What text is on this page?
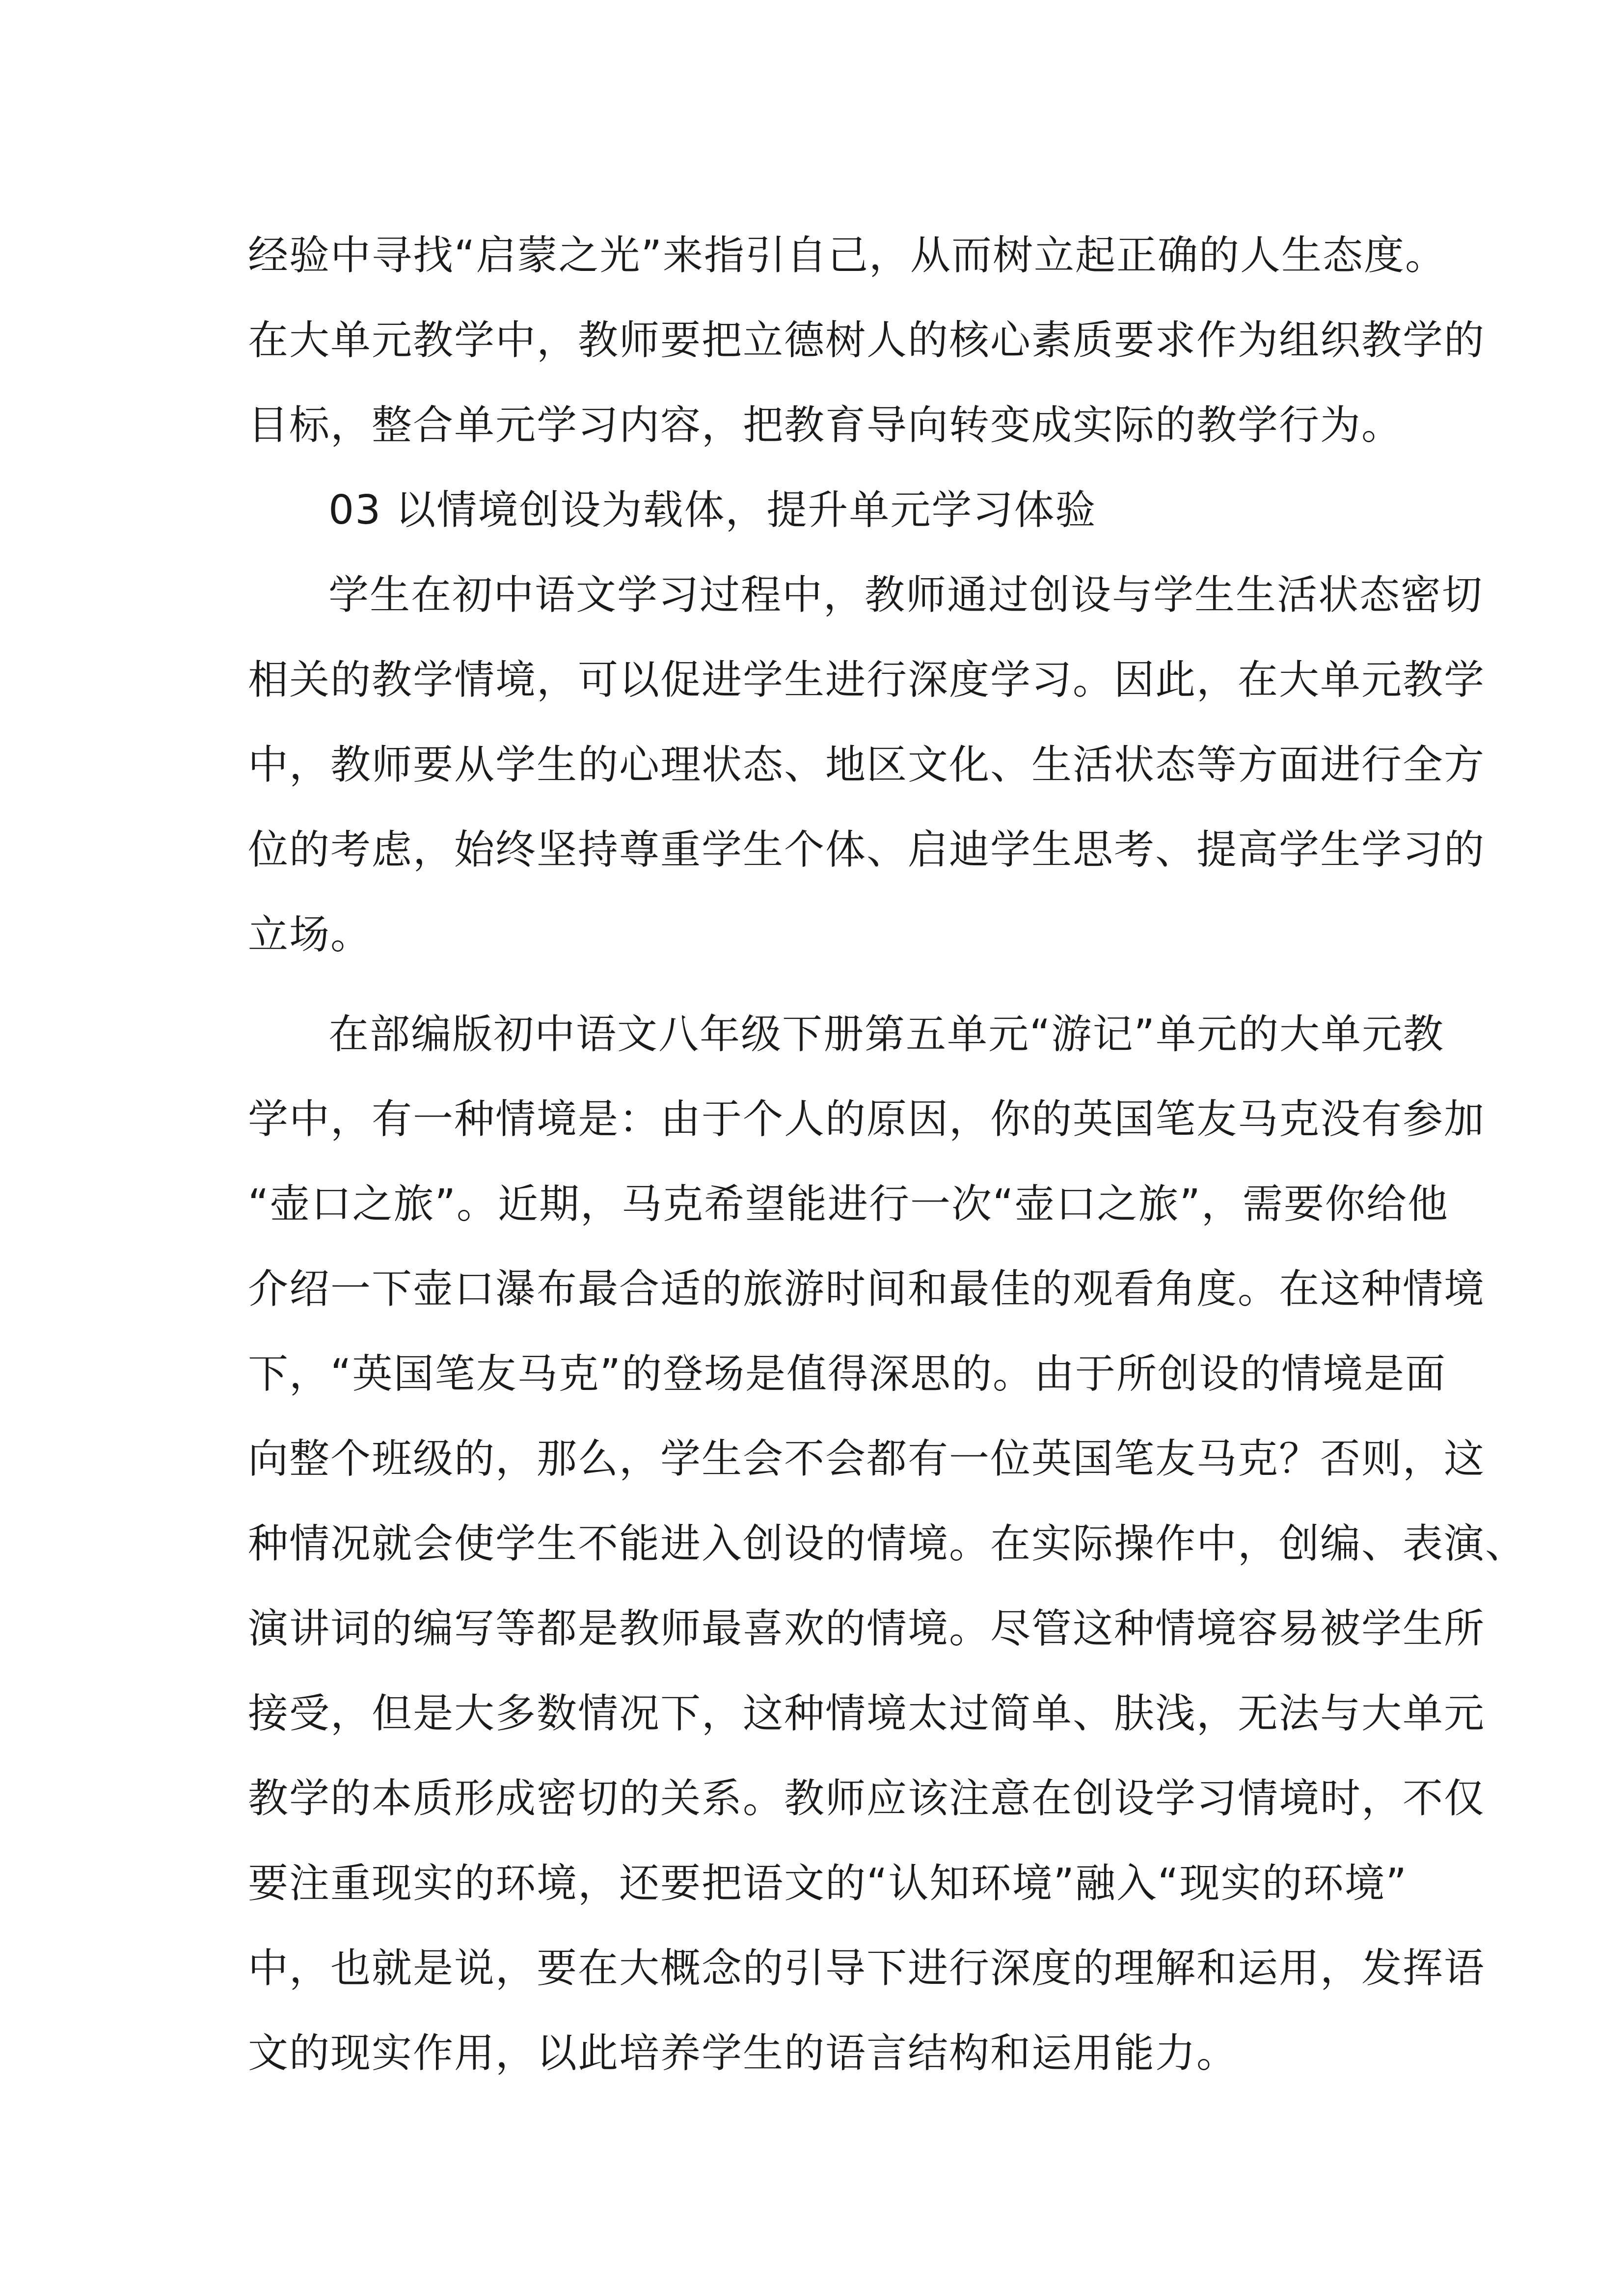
经验中寻找“启蒙之光”来指引自己，从而树立起正确的人生态度。
在大单元教学中，教师要把立德树人的核心素质要求作为组织教学的
目标，整合单元学习内容，把教育导向转变成实际的教学行为。
03 以情境创设为载体，提升单元学习体验
学生在初中语文学习过程中，教师通过创设与学生生活状态密切
相关的教学情境，可以促进学生进行深度学习。因此，在大单元教学
中，教师要从学生的心理状态、地区文化、生活状态等方面进行全方
位的考虑，始终坚持尊重学生个体、启迪学生思考、提高学生学习的
立场。
在部编版初中语文八年级下册第五单元“游记”单元的大单元教
学中，有一种情境是：由于个人的原因，你的英国笔友马克没有参加
“壶口之旅”。近期，马克希望能进行一次“壶口之旅”，需要你给他
介绍一下壶口瀑布最合适的旅游时间和最佳的观看角度。在这种情境
下，“英国笔友马克”的登场是值得深思的。由于所创设的情境是面
向整个班级的，那么，学生会不会都有一位英国笔友马克？否则，这
种情况就会使学生不能进入创设的情境。在实际操作中，创编、表演、
演讲词的编写等都是教师最喜欢的情境。尽管这种情境容易被学生所
接受，但是大多数情况下，这种情境太过简单、肤浅，无法与大单元
教学的本质形成密切的关系。教师应该注意在创设学习情境时，不仅
要注重现实的环境，还要把语文的“认知环境”融入“现实的环境”
中，也就是说，要在大概念的引导下进行深度的理解和运用，发挥语
文的现实作用，以此培养学生的语言结构和运用能力。
